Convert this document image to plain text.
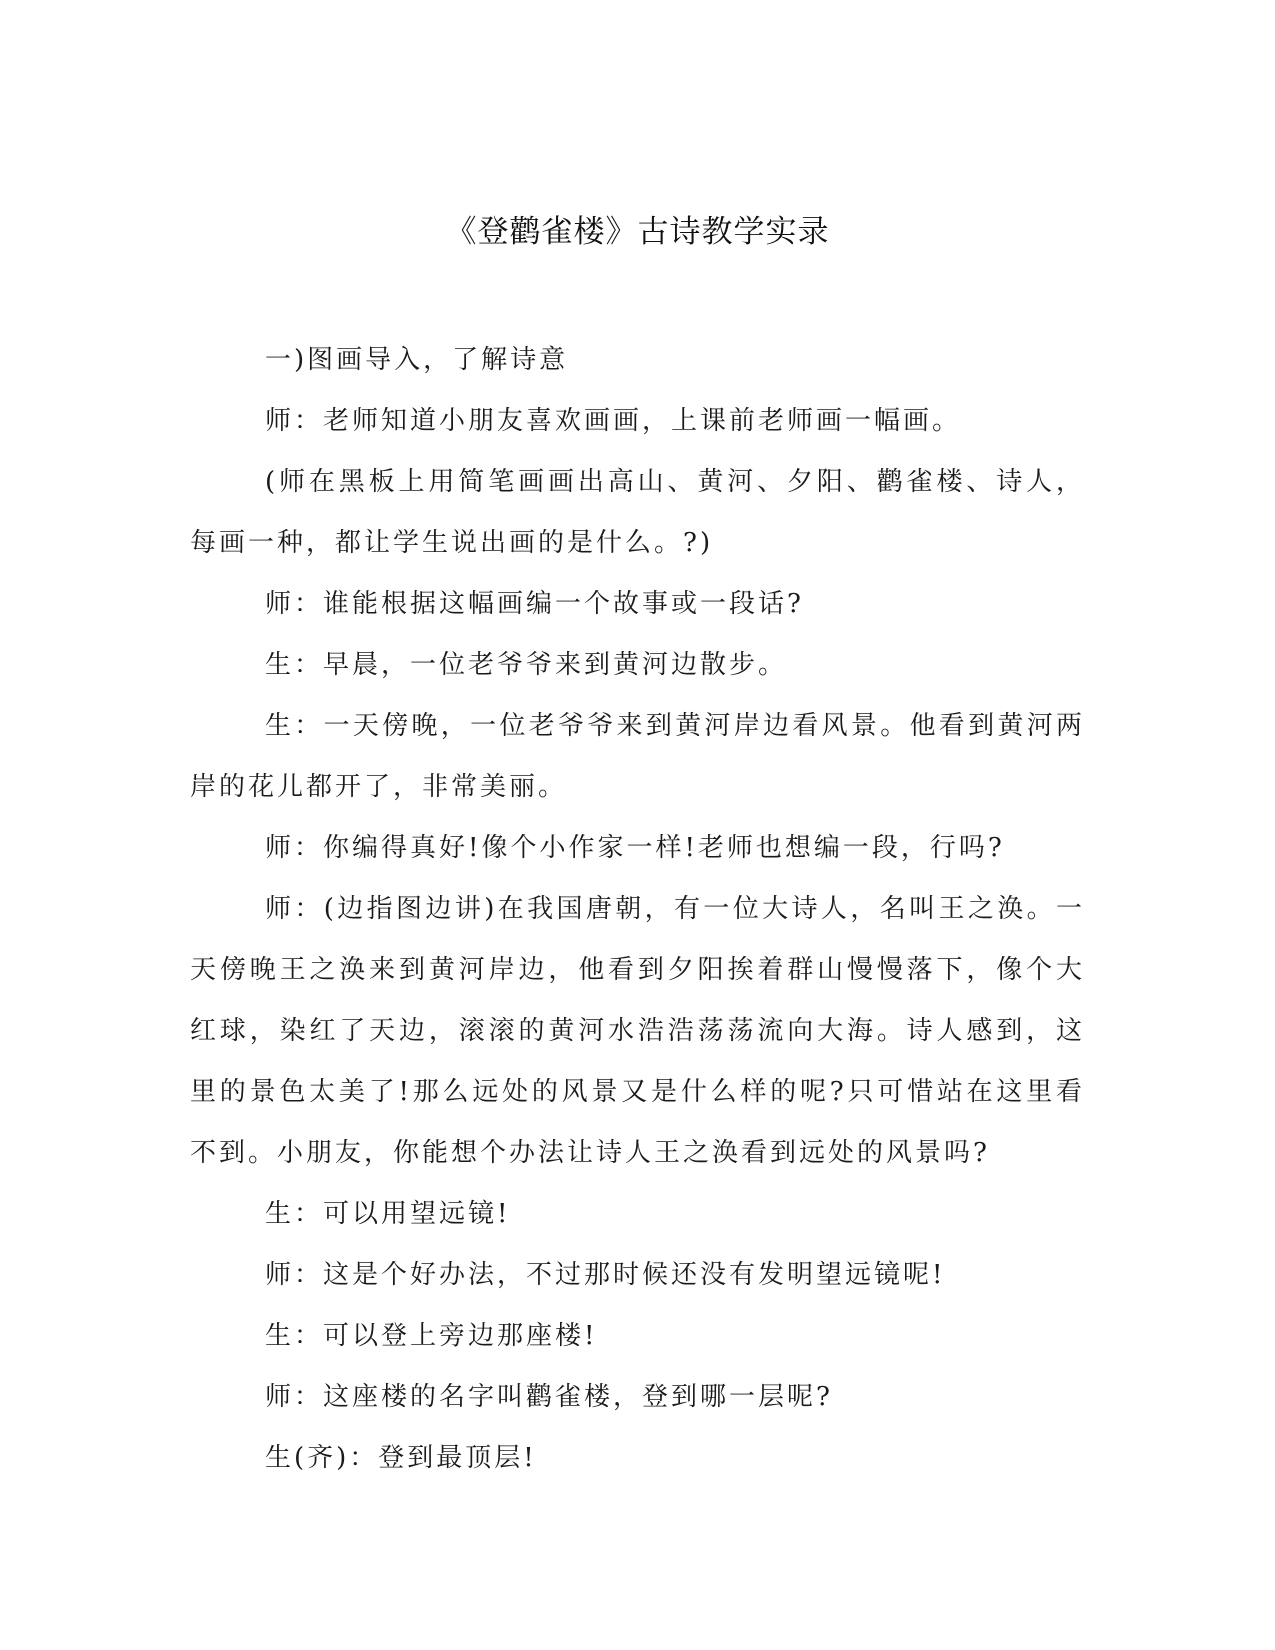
《登鹳雀楼》古诗教学实录

一)图画导入，了解诗意

师：老师知道小朋友喜欢画画，上课前老师画一幅画。

(师在黑板上用简笔画画出高山、黄河、夕阳、鹳雀楼、诗人，每画一种，都让学生说出画的是什么。?)

师：谁能根据这幅画编一个故事或一段话?

生：早晨，一位老爷爷来到黄河边散步。

生：一天傍晚，一位老爷爷来到黄河岸边看风景。他看到黄河两岸的花儿都开了，非常美丽。

师：你编得真好!像个小作家一样!老师也想编一段，行吗?

师：(边指图边讲)在我国唐朝，有一位大诗人，名叫王之涣。一天傍晚王之涣来到黄河岸边，他看到夕阳挨着群山慢慢落下，像个大红球，染红了天边，滚滚的黄河水浩浩荡荡流向大海。诗人感到，这里的景色太美了!那么远处的风景又是什么样的呢?只可惜站在这里看不到。小朋友，你能想个办法让诗人王之涣看到远处的风景吗?

生：可以用望远镜!

师：这是个好办法，不过那时候还没有发明望远镜呢!

生：可以登上旁边那座楼!

师：这座楼的名字叫鹳雀楼，登到哪一层呢?

生(齐)：登到最顶层!
